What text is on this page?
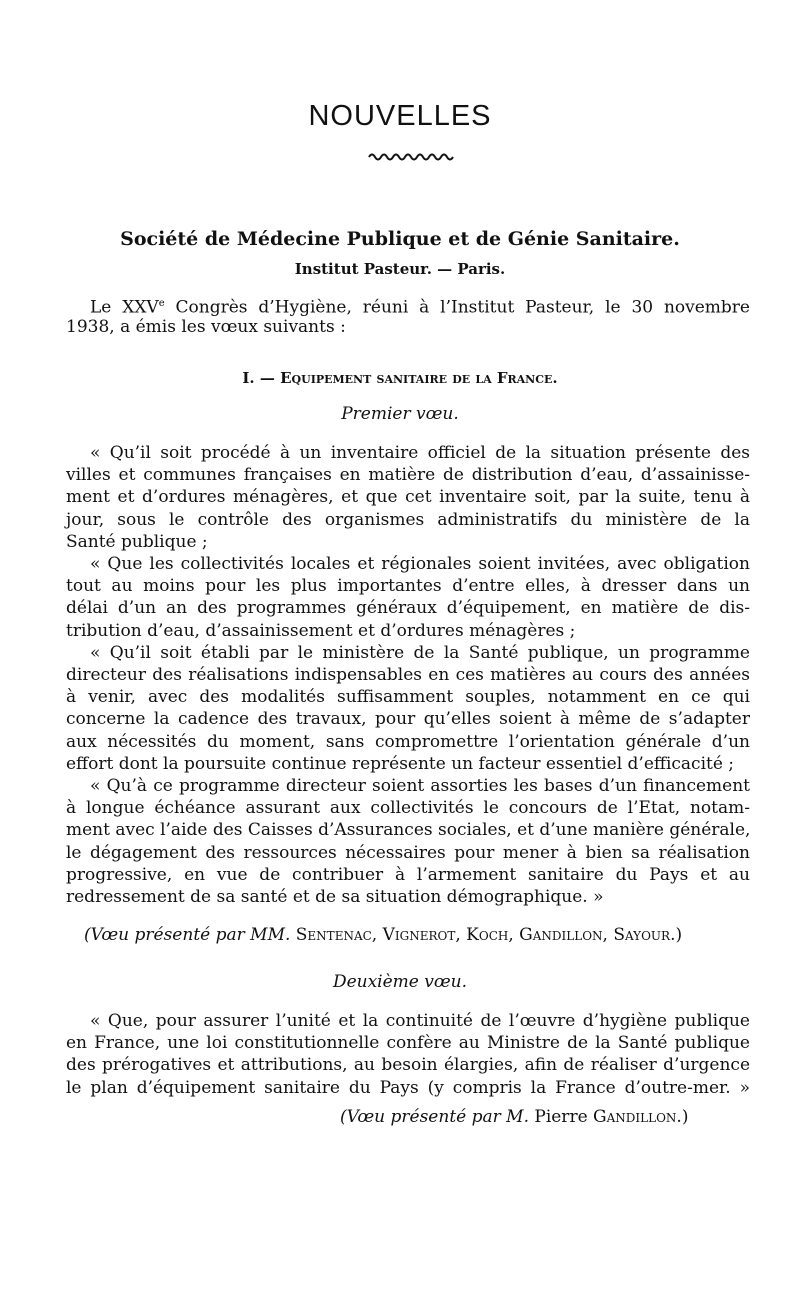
NOUVELLES
Société de Médecine Publique et de Génie Sanitaire.
Institut Pasteur. — Paris.
Le XXVe Congrès d’Hygiène, réuni à l’Institut Pasteur, le 30 novembre
1938, a émis les vœux suivants :
I. — Equipement sanitaire de la France.
Premier vœu.
« Qu’il soit procédé à un inventaire officiel de la situation présente des
villes et communes françaises en matière de distribution d’eau, d’assainisse-
ment et d’ordures ménagères, et que cet inventaire soit, par la suite, tenu à
jour, sous le contrôle des organismes administratifs du ministère de la
Santé publique ;
« Que les collectivités locales et régionales soient invitées, avec obligation
tout au moins pour les plus importantes d’entre elles, à dresser dans un
délai d’un an des programmes généraux d’équipement, en matière de dis-
tribution d’eau, d’assainissement et d’ordures ménagères ;
« Qu’il soit établi par le ministère de la Santé publique, un programme
directeur des réalisations indispensables en ces matières au cours des années
à venir, avec des modalités suffisamment souples, notamment en ce qui
concerne la cadence des travaux, pour qu’elles soient à même de s’adapter
aux nécessités du moment, sans compromettre l’orientation générale d’un
effort dont la poursuite continue représente un facteur essentiel d’efficacité ;
« Qu’à ce programme directeur soient assorties les bases d’un financement
à longue échéance assurant aux collectivités le concours de l’Etat, notam-
ment avec l’aide des Caisses d’Assurances sociales, et d’une manière générale,
le dégagement des ressources nécessaires pour mener à bien sa réalisation
progressive, en vue de contribuer à l’armement sanitaire du Pays et au
redressement de sa santé et de sa situation démographique. »
(Vœu présenté par MM. Sentenac, Vignerot, Koch, Gandillon, Sayour.)
Deuxième vœu.
« Que, pour assurer l’unité et la continuité de l’œuvre d’hygiène publique
en France, une loi constitutionnelle confère au Ministre de la Santé publique
des prérogatives et attributions, au besoin élargies, afin de réaliser d’urgence
le plan d’équipement sanitaire du Pays (y compris la France d’outre-mer. »
(Vœu présenté par M. Pierre Gandillon.)
